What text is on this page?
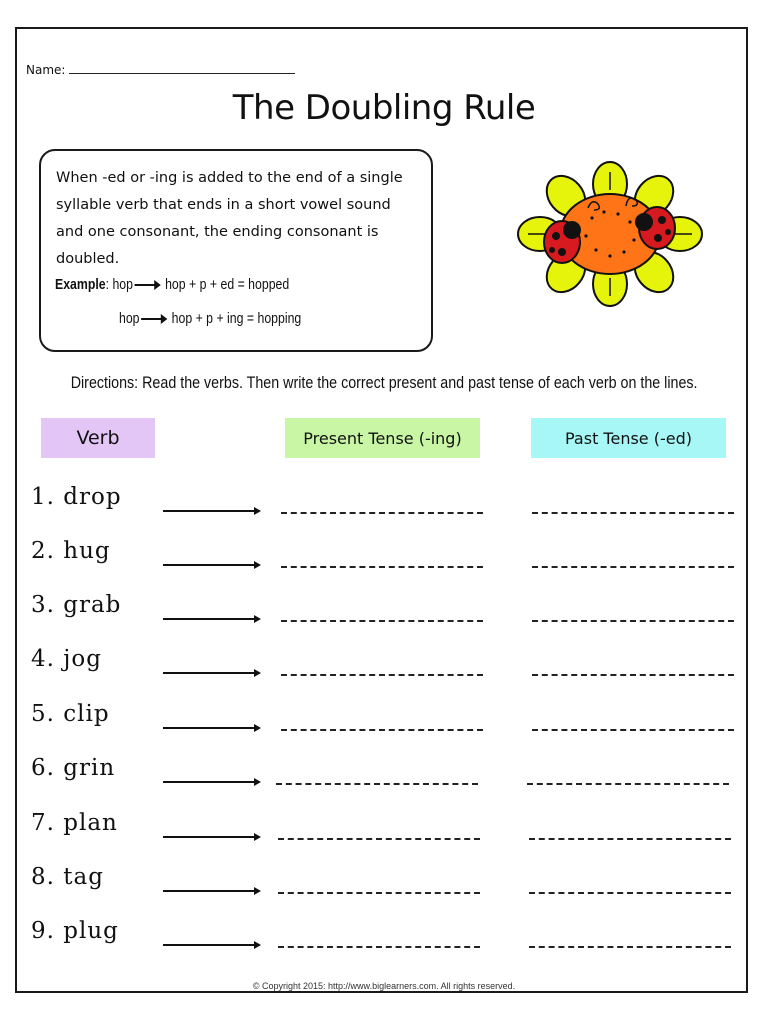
Name:
The Doubling Rule

When -ed or -ing is added to the end of a single syllable verb that ends in a short vowel sound and one consonant, the ending consonant is doubled.

Example: hop hop + p + ed = hopped
hop hop + p + ing = hopping
Directions: Read the verbs. Then write the correct present and past tense of each verb on the lines.
Verb	Present Tense (-ing)	Past Tense (-ed)
1. drop
2. hug
3. grab
4. jog
5. clip
6. grin
7. plan
8. tag
9. plug
© Copyright 2015: http://www.biglearners.com. All rights reserved.
